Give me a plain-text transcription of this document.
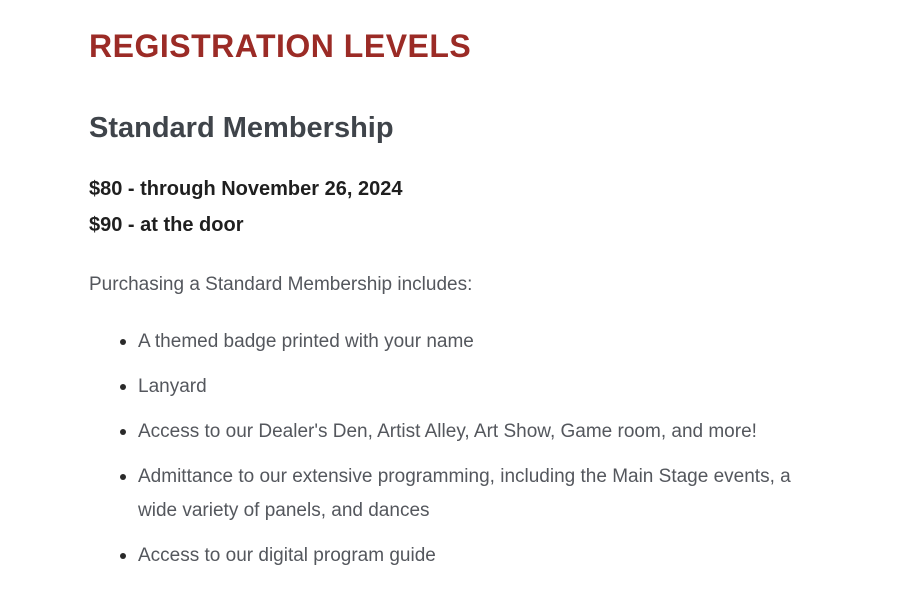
REGISTRATION LEVELS
Standard Membership
$80 - through November 26, 2024
$90 - at the door

Purchasing a Standard Membership includes:

A themed badge printed with your name
Lanyard
Access to our Dealer's Den, Artist Alley, Art Show, Game room, and more!
Admittance to our extensive programming, including the Main Stage events, a wide variety of panels, and dances
Access to our digital program guide
